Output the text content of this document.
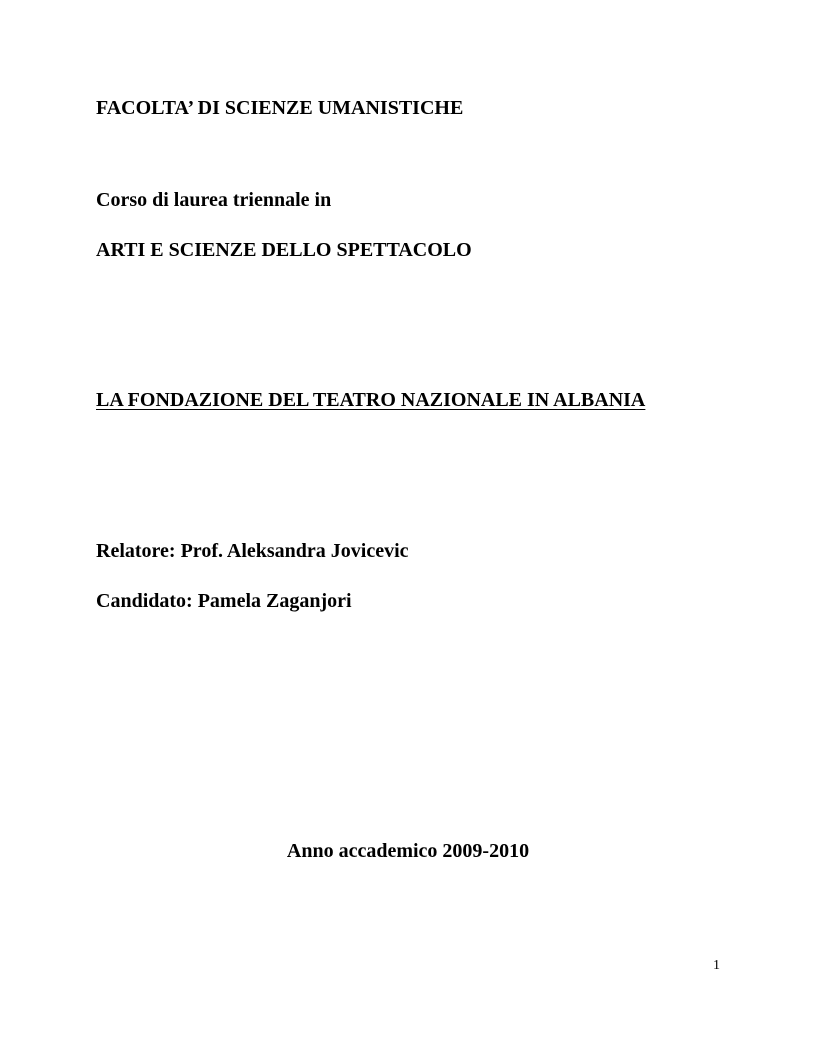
FACOLTA’ DI SCIENZE UMANISTICHE

Corso di laurea triennale in

ARTI E SCIENZE DELLO SPETTACOLO

LA FONDAZIONE DEL TEATRO NAZIONALE IN ALBANIA

Relatore: Prof. Aleksandra Jovicevic

Candidato: Pamela Zaganjori

Anno accademico 2009-2010

1
